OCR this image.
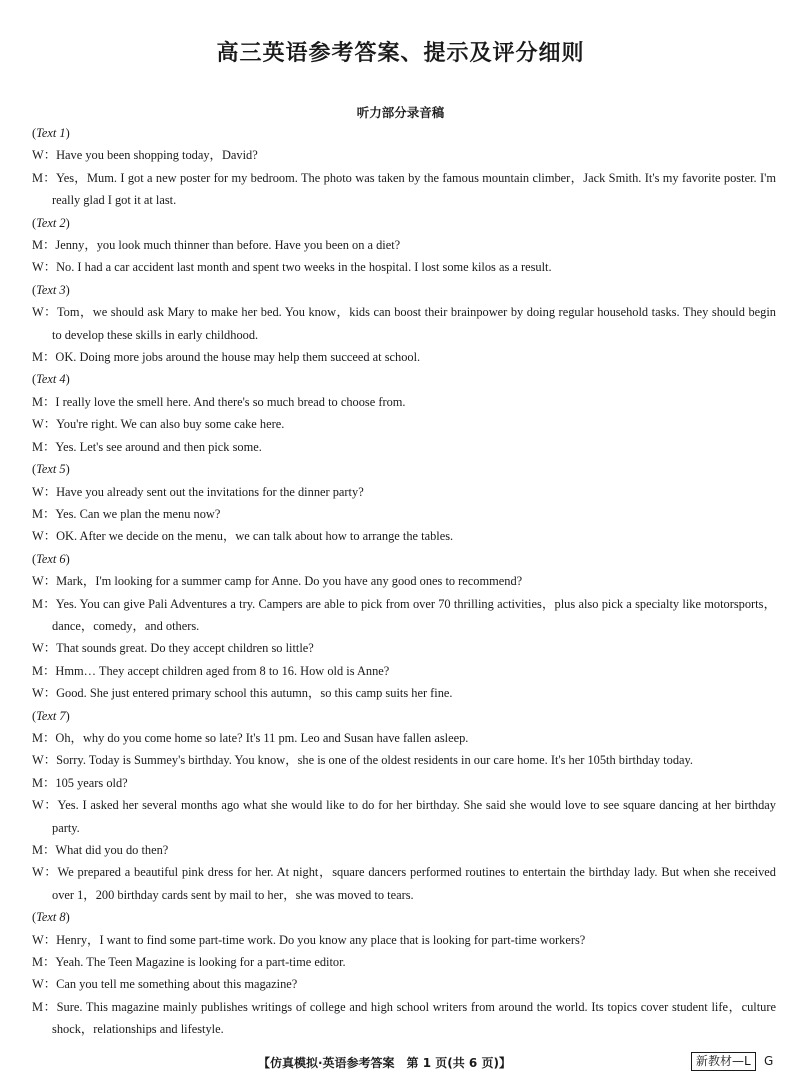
高三英语参考答案、提示及评分细则
听力部分录音稿
(Text 1)
W：Have you been shopping today，David?
M：Yes，Mum. I got a new poster for my bedroom. The photo was taken by the famous mountain climber，Jack Smith. It's my favorite poster. I'm really glad I got it at last.
(Text 2)
M：Jenny，you look much thinner than before. Have you been on a diet?
W：No. I had a car accident last month and spent two weeks in the hospital. I lost some kilos as a result.
(Text 3)
W：Tom，we should ask Mary to make her bed. You know，kids can boost their brainpower by doing regular household tasks. They should begin to develop these skills in early childhood.
M：OK. Doing more jobs around the house may help them succeed at school.
(Text 4)
M：I really love the smell here. And there's so much bread to choose from.
W：You're right. We can also buy some cake here.
M：Yes. Let's see around and then pick some.
(Text 5)
W：Have you already sent out the invitations for the dinner party?
M：Yes. Can we plan the menu now?
W：OK. After we decide on the menu，we can talk about how to arrange the tables.
(Text 6)
W：Mark，I'm looking for a summer camp for Anne. Do you have any good ones to recommend?
M：Yes. You can give Pali Adventures a try. Campers are able to pick from over 70 thrilling activities，plus also pick a specialty like motorsports，dance，comedy，and others.
W：That sounds great. Do they accept children so little?
M：Hmm… They accept children aged from 8 to 16. How old is Anne?
W：Good. She just entered primary school this autumn，so this camp suits her fine.
(Text 7)
M：Oh，why do you come home so late? It's 11 pm. Leo and Susan have fallen asleep.
W：Sorry. Today is Summey's birthday. You know，she is one of the oldest residents in our care home. It's her 105th birthday today.
M：105 years old?
W：Yes. I asked her several months ago what she would like to do for her birthday. She said she would love to see square dancing at her birthday party.
M：What did you do then?
W：We prepared a beautiful pink dress for her. At night，square dancers performed routines to entertain the birthday lady. But when she received over 1，200 birthday cards sent by mail to her，she was moved to tears.
(Text 8)
W：Henry，I want to find some part-time work. Do you know any place that is looking for part-time workers?
M：Yeah. The Teen Magazine is looking for a part-time editor.
W：Can you tell me something about this magazine?
M：Sure. This magazine mainly publishes writings of college and high school writers from around the world. Its topics cover student life，culture shock，relationships and lifestyle.
【仿真模拟·英语参考答案　第 1 页(共 6 页)】	新教材—L	G
